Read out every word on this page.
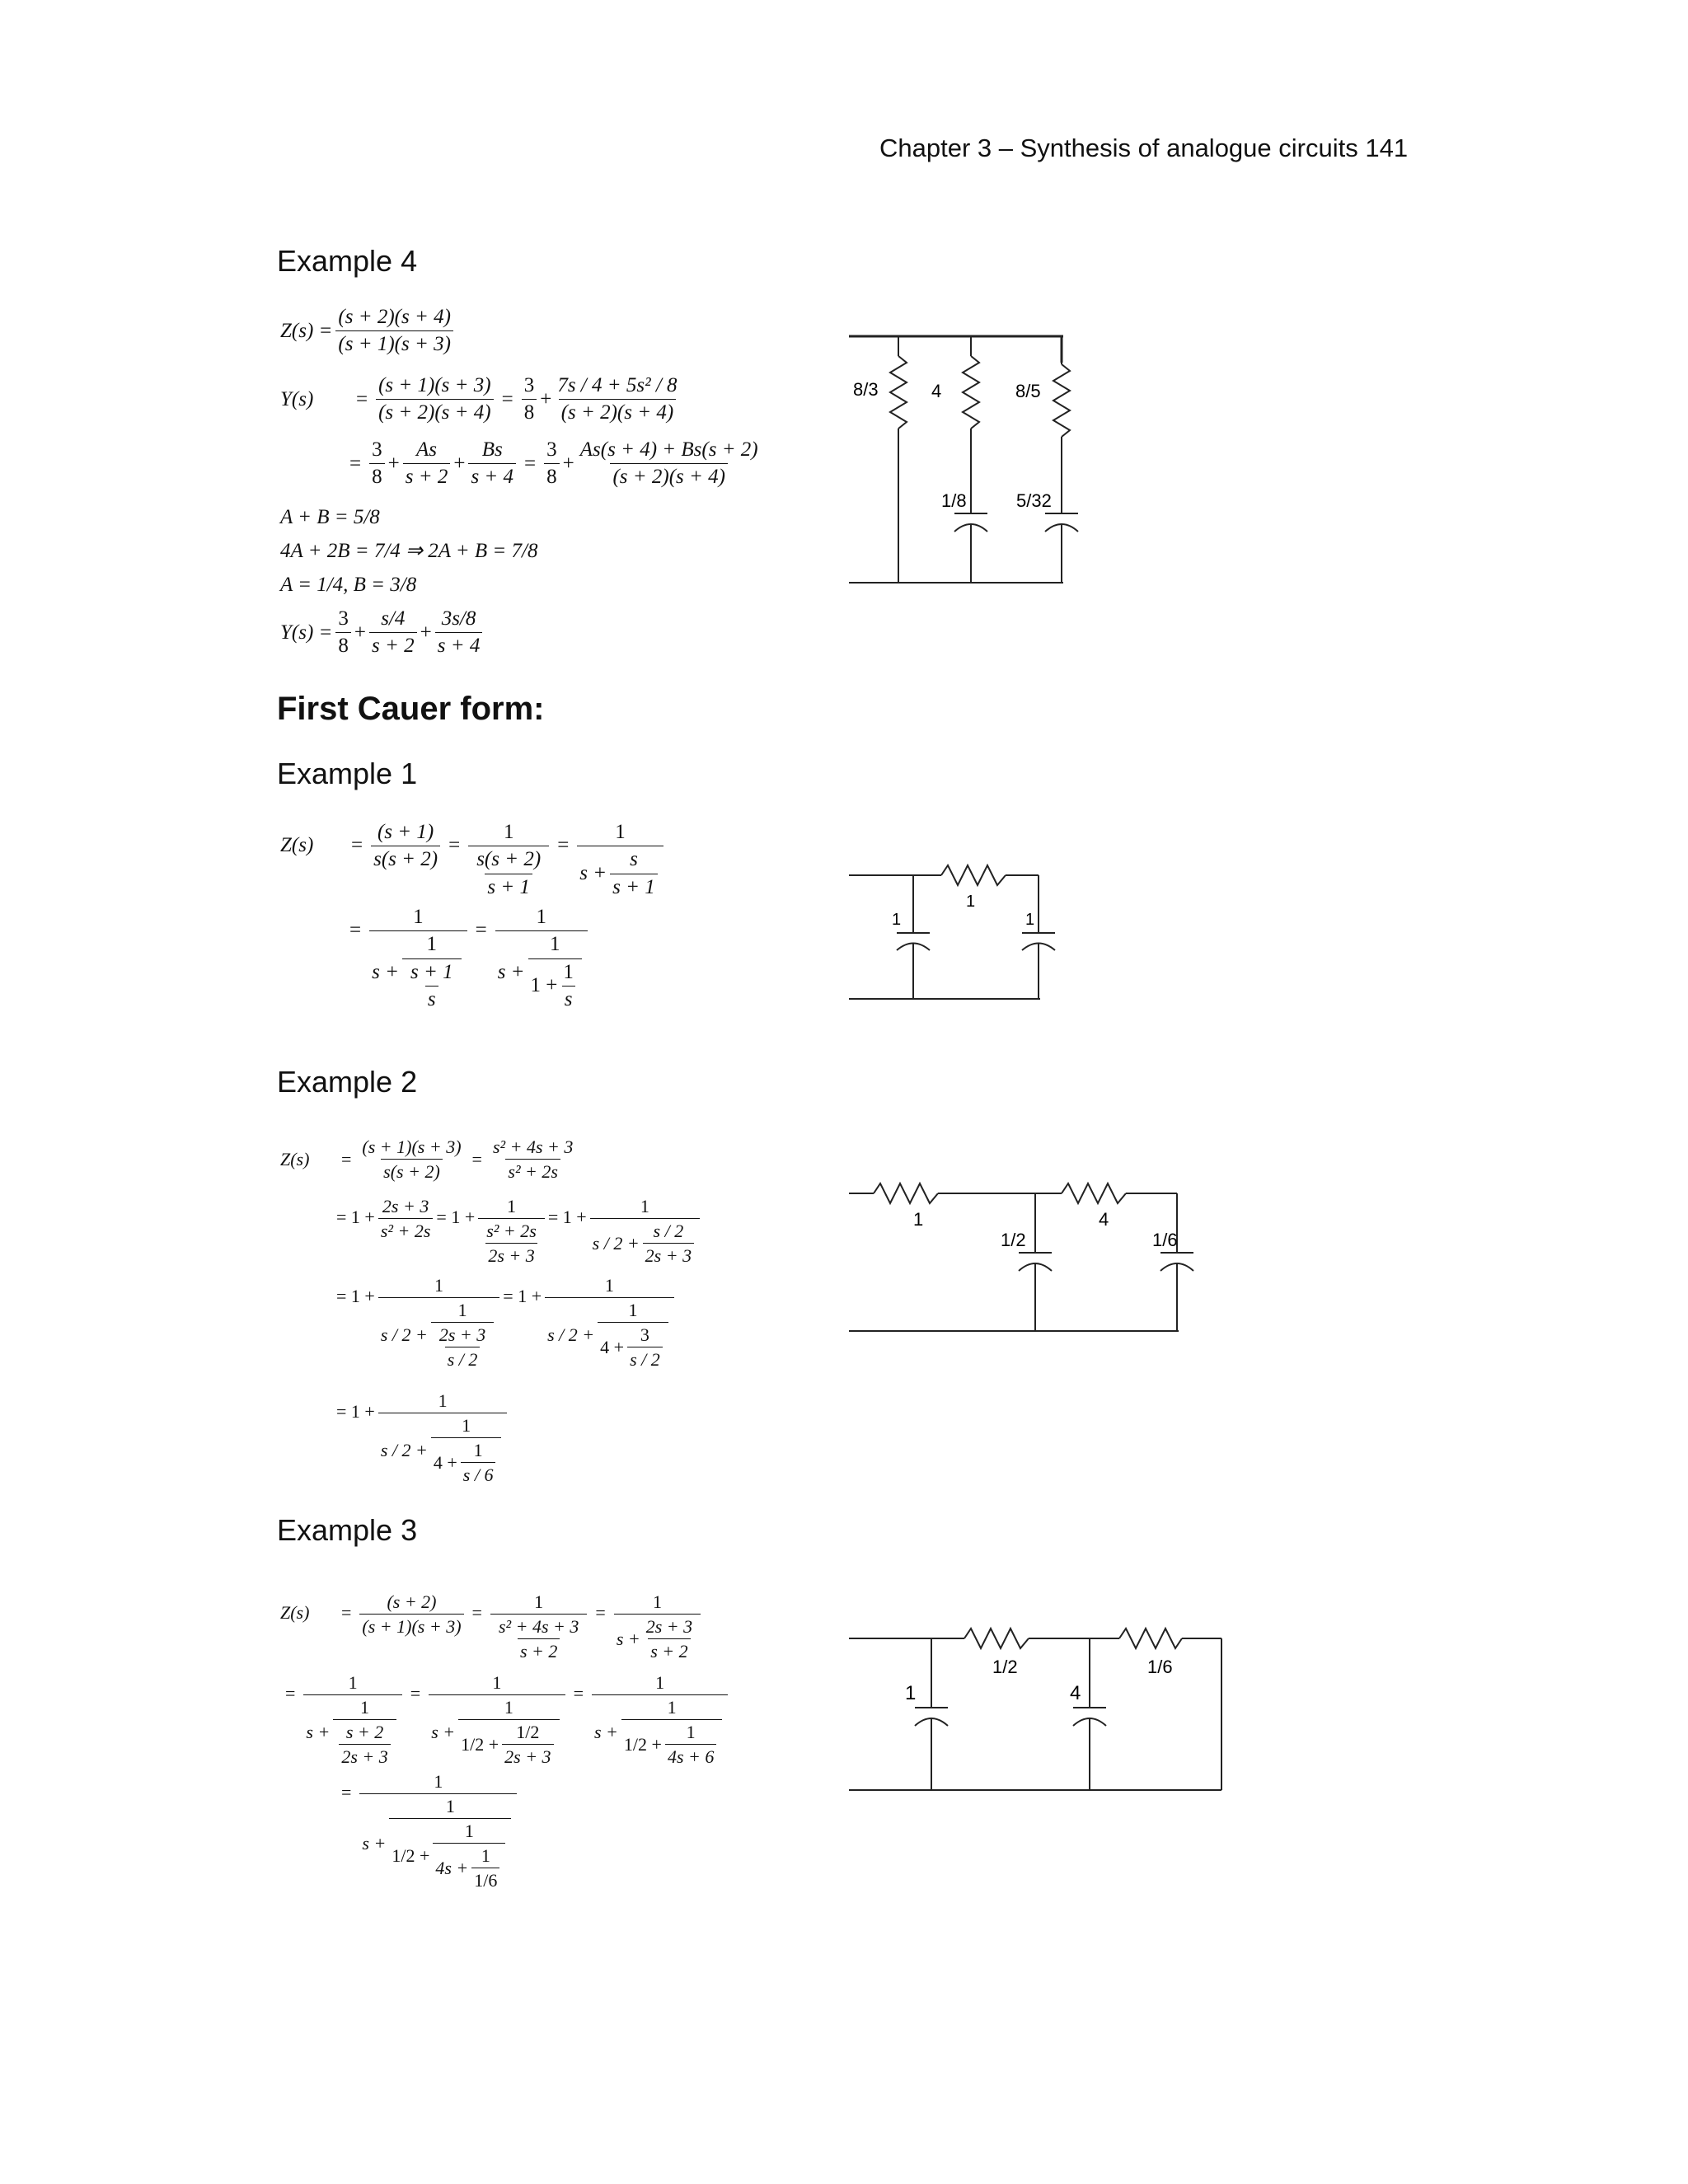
Chapter 3 – Synthesis of analogue circuits 141
Example 4
$Z(s) = \frac{(s + 2)(s + 4)}{(s + 1)(s + 3)}$
Y(s)	= $\frac{(s + 1)(s + 3)}{(s + 2)(s + 4)} = \frac{3}{8} + \frac{\text{7s / 4 + 5s² / 8}}{(s + 2)(s + 4)}$
= $\frac{3}{8} + \frac{As}{s + 2} + \frac{Bs}{s + 4} = \frac{3}{8} + \frac{As(s + 4) + Bs(s + 2)}{(s + 2)(s + 4)}$
A + B = 5/8
4A + 2B = 7/4 ⇒ 2A + B = 7/8
A = 1/4, B = 3/8
$Y(s) = \frac{3}{8} + \frac{s/4}{s + 2} + \frac{3s/8}{s + 4}$
8/3	4	8/5
1/8	5/32
First Cauer form:
Example 1
Z(s)	= $\frac{(s + 1)}{s(s + 2)} = \frac{1}{\frac{s(s + 2)}{s + 1}} = \frac{1}{s + \frac{s}{s + 1}}$
= $\frac{1}{s + \frac{1}{\frac{s + 1}{s}}} = \frac{1}{s + \frac{1}{1 + \frac{1}{s}}}$	1
1
1
Example 2
Z(s)	= $\frac{(s + 1)(s + 3)}{s(s + 2)} = \frac{\text{s² + 4s + 3}}{\text{s² + 2s}}$
= $1 + \frac{2s + 3}{\text{s² + 2s}} = 1 + \frac{1}{\frac{\text{s² + 2s}}{2s + 3}} = 1 + \frac{1}{s / 2 + \frac{s / 2}{2s + 3}}$
= $1 + \frac{1}{s / 2 + \frac{1}{\frac{2s + 3}{s / 2}}} = 1 + \frac{1}{s / 2 + \frac{1}{4 + \frac{3}{s / 2}}}$
= $1 + \frac{1}{s / 2 + \frac{1}{4 + \frac{1}{s / 6}}}$
1
1/2
4
1/6
Example 3
Z(s)	= $\frac{(s + 2)}{(s + 1)(s + 3)} = \frac{1}{\frac{\text{s² + 4s + 3}}{s + 2}} = \frac{1}{s + \frac{2s + 3}{s + 2}}$
= $\frac{1}{s + \frac{1}{\frac{s + 2}{2s + 3}}} = \frac{1}{s + \frac{1}{1/2 + \frac{1/2}{2s + 3}}} = \frac{1}{s + \frac{1}{1/2 + \frac{1}{4s + 6}}}$
=
1
$s + \frac{1}{1/2 + \frac{1}{4s + \frac{1}{1/6}}}$
1
1/2
4
1/6
